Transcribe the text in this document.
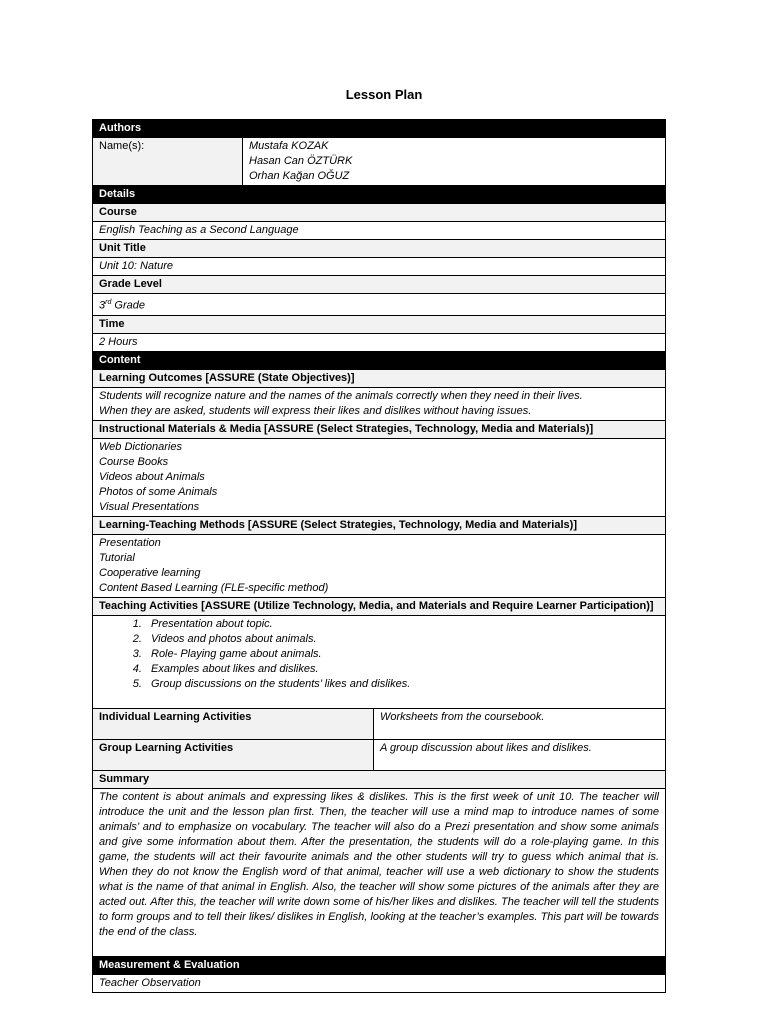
Lesson Plan
Authors
Name(s):	Mustafa KOZAK
Hasan Can ÖZTÜRK
Orhan Kağan OĞUZ
Details
Course
English Teaching as a Second Language
Unit Title
Unit 10: Nature
Grade Level
3rd Grade
Time
2 Hours
Content
Learning Outcomes [ASSURE (State Objectives)]
Students will recognize nature and the names of the animals correctly when they need in their lives.
When they are asked, students will express their likes and dislikes without having issues.
Instructional Materials & Media [ASSURE (Select Strategies, Technology, Media and Materials)]
Web Dictionaries
Course Books
Videos about Animals
Photos of some Animals
Visual Presentations
Learning-Teaching Methods [ASSURE (Select Strategies, Technology, Media and Materials)]
Presentation
Tutorial
Cooperative learning
Content Based Learning (FLE-specific method)
Teaching Activities [ASSURE (Utilize Technology, Media, and Materials and Require Learner Participation)]
1. Presentation about topic.
2. Videos and photos about animals.
3. Role- Playing game about animals.
4. Examples about likes and dislikes.
5. Group discussions on the students’ likes and dislikes.
Individual Learning Activities	Worksheets from the coursebook.
Group Learning Activities	A group discussion about likes and dislikes.
Summary
The content is about animals and expressing likes & dislikes. This is the first week of unit 10. The teacher will introduce the unit and the lesson plan first. Then, the teacher will use a mind map to introduce names of some animals’ and to emphasize on vocabulary. The teacher will also do a Prezi presentation and show some animals and give some information about them. After the presentation, the students will do a role-playing game. In this game, the students will act their favourite animals and the other students will try to guess which animal that is. When they do not know the English word of that animal, teacher will use a web dictionary to show the students what is the name of that animal in English. Also, the teacher will show some pictures of the animals after they are acted out. After this, the teacher will write down some of his/her likes and dislikes. The teacher will tell the students to form groups and to tell their likes/ dislikes in English, looking at the teacher’s examples. This part will be towards the end of the class.
Measurement & Evaluation
Teacher Observation
